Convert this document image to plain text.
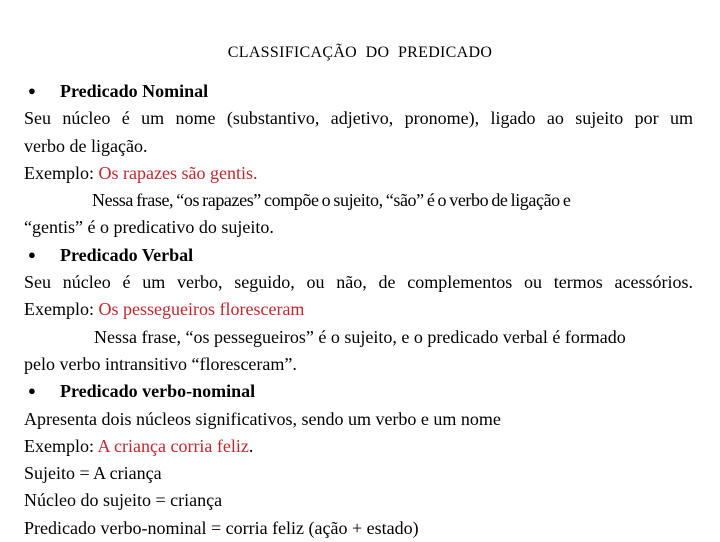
CLASSIFICAÇÃO  DO  PREDICADO
● Predicado Nominal
Seu núcleo é um nome (substantivo, adjetivo, pronome), ligado ao sujeito por um
verbo de ligação.
Exemplo: Os rapazes são gentis.
Nessa frase, “os rapazes” compõe o sujeito, “são” é o verbo de ligação e
“gentis” é o predicativo do sujeito.
● Predicado Verbal
Seu núcleo é um verbo, seguido, ou não, de complementos ou termos acessórios.
Exemplo: Os pessegueiros floresceram
Nessa frase, “os pessegueiros” é o sujeito, e o predicado verbal é formado
pelo verbo intransitivo “floresceram”.
● Predicado verbo-nominal
Apresenta dois núcleos significativos, sendo um verbo e um nome
Exemplo: A criança corria feliz.
Sujeito = A criança
Núcleo do sujeito = criança
Predicado verbo-nominal = corria feliz (ação + estado)
